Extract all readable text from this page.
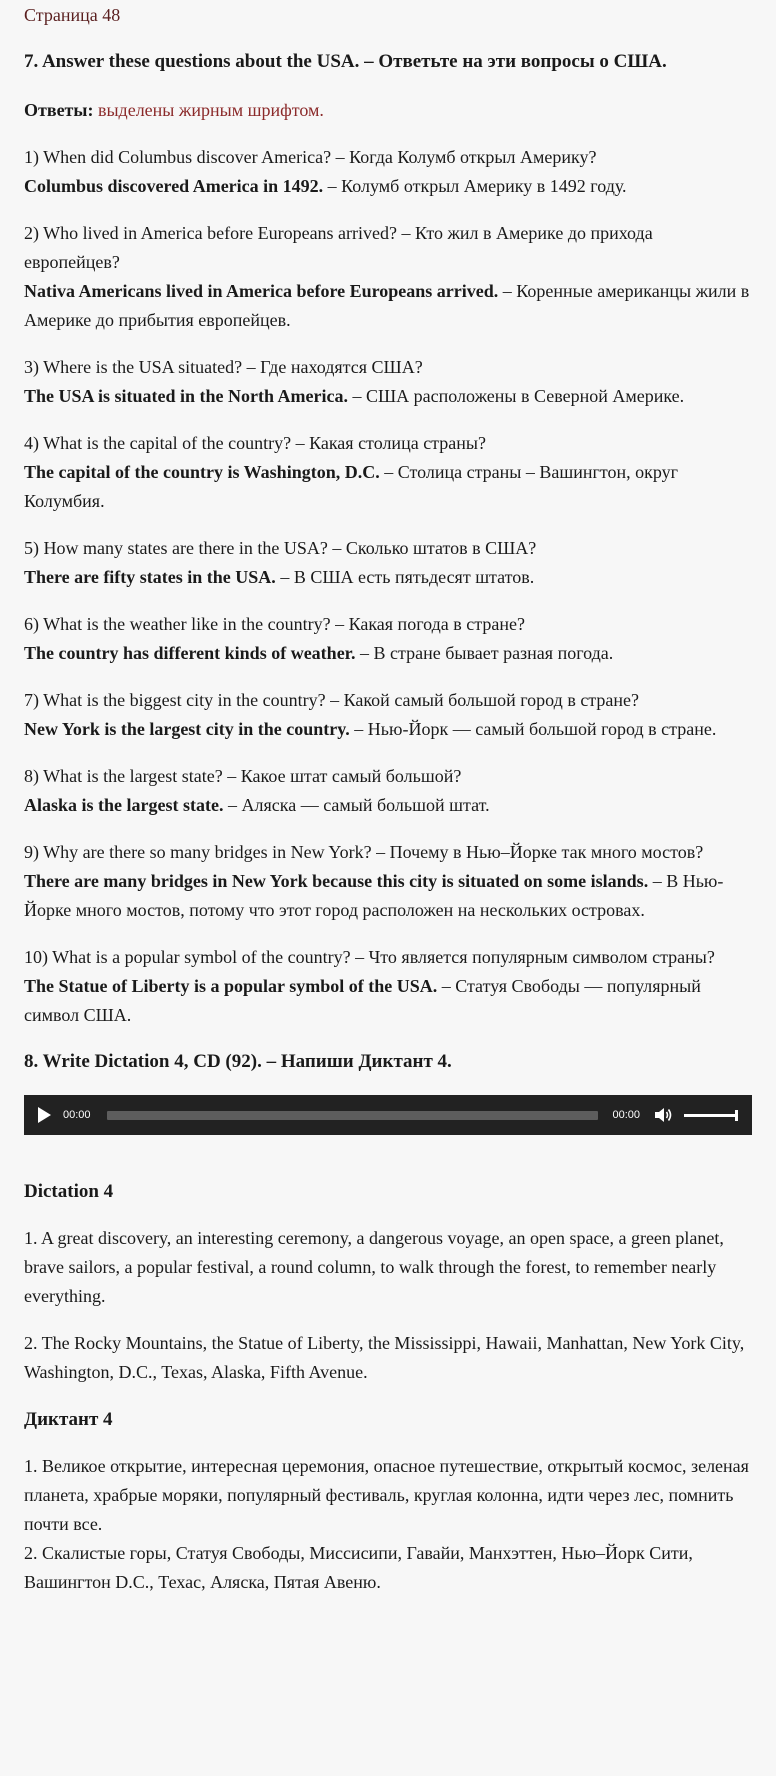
Страница 48

7. Answer these questions about the USA. – Ответьте на эти вопросы о США.

Ответы: выделены жирным шрифтом.

1) When did Columbus discover America? – Когда Колумб открыл Америку?

Columbus discovered America in 1492. – Колумб открыл Америку в 1492 году.

2) Who lived in America before Europeans arrived? – Кто жил в Америке до прихода европейцев?

Nativa Americans lived in America before Europeans arrived. – Коренные американцы жили в Америке до прибытия европейцев.

3) Where is the USA situated? – Где находятся США?

The USA is situated in the North America. – США расположены в Северной Америке.

4) What is the capital of the country? – Какая столица страны?

The capital of the country is Washington, D.C. – Столица страны – Вашингтон, округ Колумбия.

5) How many states are there in the USA? – Сколько штатов в США?

There are fifty states in the USA. – В США есть пятьдесят штатов.

6) What is the weather like in the country? – Какая погода в стране?

The country has different kinds of weather. – В стране бывает разная погода.

7) What is the biggest city in the country? – Какой самый большой город в стране?

New York is the largest city in the country. – Нью-Йорк — самый большой город в стране.

8) What is the largest state? – Какое штат самый большой?

Alaska is the largest state. – Аляска — самый большой штат.

9) Why are there so many bridges in New York? – Почему в Нью–Йорке так много мостов?

There are many bridges in New York because this city is situated on some islands. – В Нью-Йорке много мостов, потому что этот город расположен на нескольких островах.

10) What is a popular symbol of the country? – Что является популярным символом страны?

The Statue of Liberty is a popular symbol of the USA. – Статуя Свободы — популярный символ США.

8. Write Dictation 4, CD (92). – Напиши Диктант 4.

00:00	00:00

Dictation 4

1. A great discovery, an interesting ceremony, a dangerous voyage, an open space, a green planet, brave sailors, a popular festival, a round column, to walk through the forest, to remember nearly everything.

2. The Rocky Mountains, the Statue of Liberty, the Mississippi, Hawaii, Manhattan, New York City, Washington, D.C., Texas, Alaska, Fifth Avenue.

Диктант 4

1. Великое открытие, интересная церемония, опасное путешествие, открытый космос, зеленая планета, храбрые моряки, популярный фестиваль, круглая колонна, идти через лес, помнить почти все.

2. Скалистые горы, Статуя Свободы, Миссисипи, Гавайи, Манхэттен, Нью–Йорк Сити, Вашингтон D.C., Техас, Аляска, Пятая Авеню.
